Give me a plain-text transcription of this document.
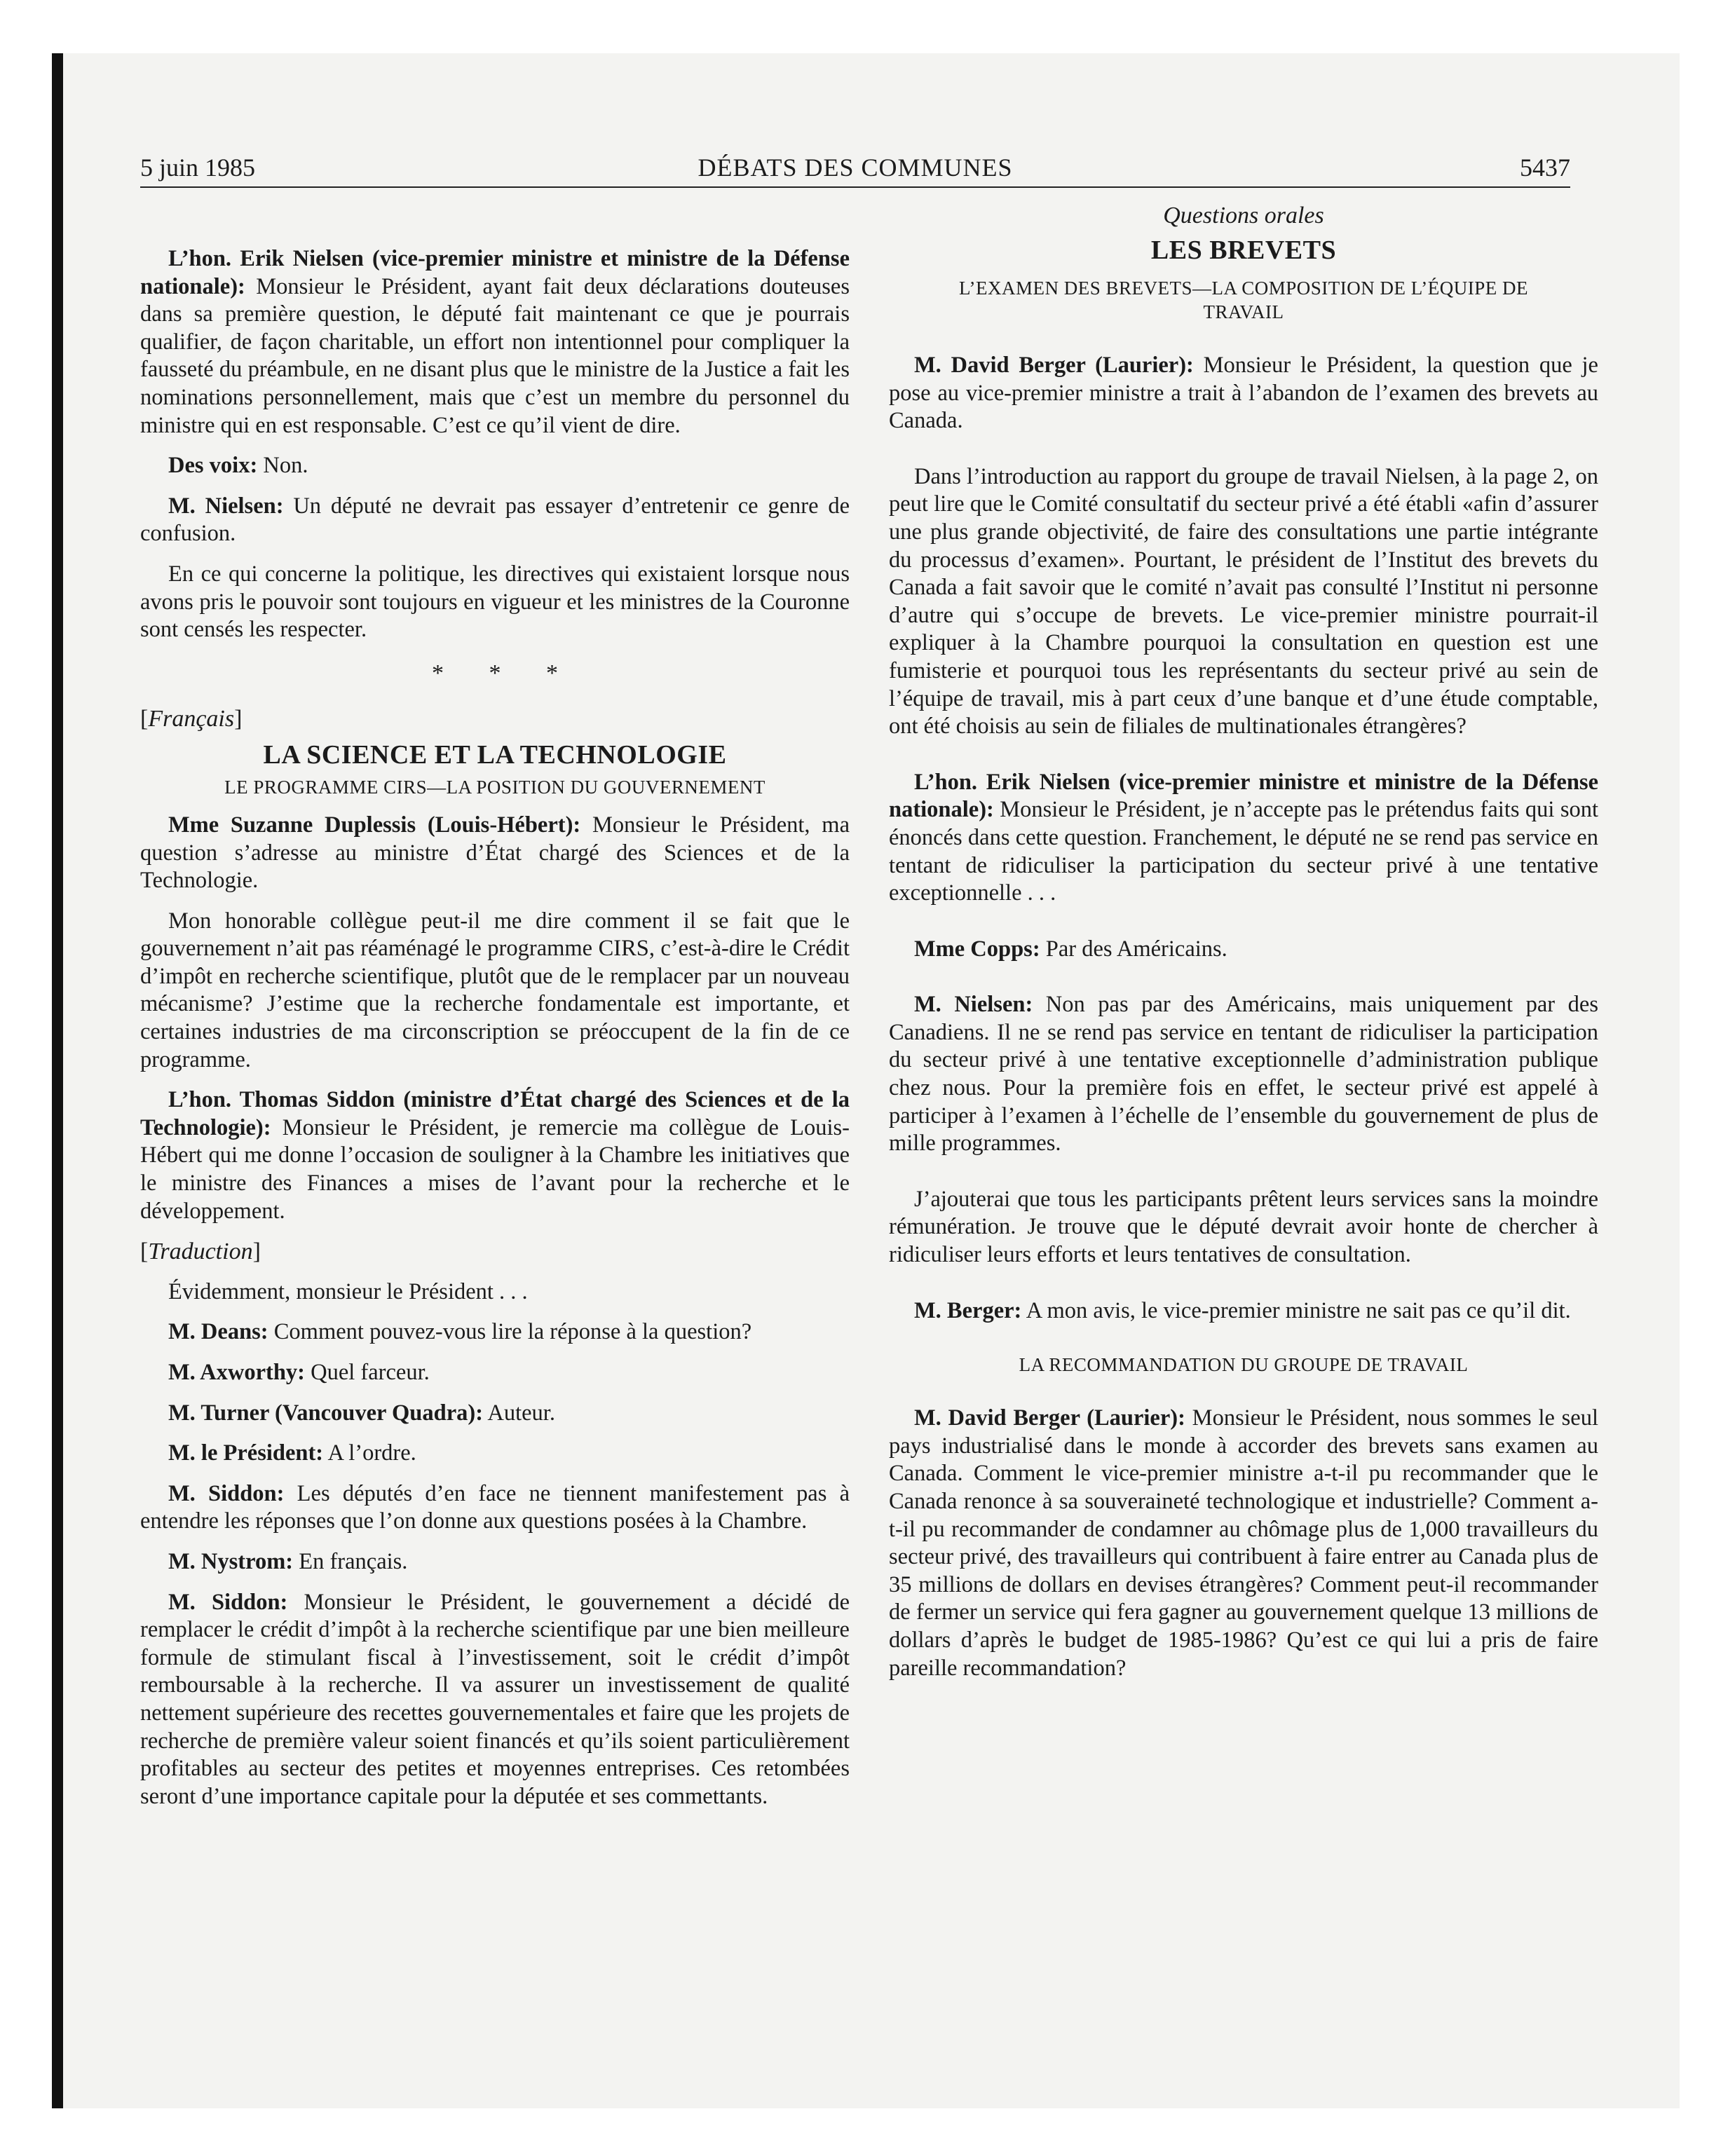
5 juin 1985	DÉBATS DES COMMUNES	5437

L’hon. Erik Nielsen (vice-premier ministre et ministre de la Défense nationale): Monsieur le Président, ayant fait deux déclarations douteuses dans sa première question, le député fait maintenant ce que je pourrais qualifier, de façon charitable, un effort non intentionnel pour compliquer la fausseté du préambule, en ne disant plus que le ministre de la Justice a fait les nominations personnellement, mais que c’est un membre du personnel du ministre qui en est responsable. C’est ce qu’il vient de dire.

Des voix: Non.

M. Nielsen: Un député ne devrait pas essayer d’entretenir ce genre de confusion.

En ce qui concerne la politique, les directives qui existaient lorsque nous avons pris le pouvoir sont toujours en vigueur et les ministres de la Couronne sont censés les respecter.

* * *
[Français]
LA SCIENCE ET LA TECHNOLOGIE
LE PROGRAMME CIRS—LA POSITION DU GOUVERNEMENT

Mme Suzanne Duplessis (Louis-Hébert): Monsieur le Président, ma question s’adresse au ministre d’État chargé des Sciences et de la Technologie.

Mon honorable collègue peut-il me dire comment il se fait que le gouvernement n’ait pas réaménagé le programme CIRS, c’est-à-dire le Crédit d’impôt en recherche scientifique, plutôt que de le remplacer par un nouveau mécanisme? J’estime que la recherche fondamentale est importante, et certaines industries de ma circonscription se préoccupent de la fin de ce programme.

L’hon. Thomas Siddon (ministre d’État chargé des Sciences et de la Technologie): Monsieur le Président, je remercie ma collègue de Louis-Hébert qui me donne l’occasion de souligner à la Chambre les initiatives que le ministre des Finances a mises de l’avant pour la recherche et le développement.

[Traduction]

Évidemment, monsieur le Président . . .

M. Deans: Comment pouvez-vous lire la réponse à la question?

M. Axworthy: Quel farceur.

M. Turner (Vancouver Quadra): Auteur.

M. le Président: A l’ordre.

M. Siddon: Les députés d’en face ne tiennent manifestement pas à entendre les réponses que l’on donne aux questions posées à la Chambre.

M. Nystrom: En français.

M. Siddon: Monsieur le Président, le gouvernement a décidé de remplacer le crédit d’impôt à la recherche scientifique par une bien meilleure formule de stimulant fiscal à l’investissement, soit le crédit d’impôt remboursable à la recherche. Il va assurer un investissement de qualité nettement supérieure des recettes gouvernementales et faire que les projets de recherche de première valeur soient financés et qu’ils soient particulièrement profitables au secteur des petites et moyennes entreprises. Ces retombées seront d’une importance capitale pour la députée et ses commettants.

Questions orales
LES BREVETS
L’EXAMEN DES BREVETS—LA COMPOSITION DE L’ÉQUIPE DE TRAVAIL

M. David Berger (Laurier): Monsieur le Président, la question que je pose au vice-premier ministre a trait à l’abandon de l’examen des brevets au Canada.

Dans l’introduction au rapport du groupe de travail Nielsen, à la page 2, on peut lire que le Comité consultatif du secteur privé a été établi «afin d’assurer une plus grande objectivité, de faire des consultations une partie intégrante du processus d’examen». Pourtant, le président de l’Institut des brevets du Canada a fait savoir que le comité n’avait pas consulté l’Institut ni personne d’autre qui s’occupe de brevets. Le vice-premier ministre pourrait-il expliquer à la Chambre pourquoi la consultation en question est une fumisterie et pourquoi tous les représentants du secteur privé au sein de l’équipe de travail, mis à part ceux d’une banque et d’une étude comptable, ont été choisis au sein de filiales de multinationales étrangères?

L’hon. Erik Nielsen (vice-premier ministre et ministre de la Défense nationale): Monsieur le Président, je n’accepte pas le prétendus faits qui sont énoncés dans cette question. Franchement, le député ne se rend pas service en tentant de ridiculiser la participation du secteur privé à une tentative exceptionnelle . . .

Mme Copps: Par des Américains.

M. Nielsen: Non pas par des Américains, mais uniquement par des Canadiens. Il ne se rend pas service en tentant de ridiculiser la participation du secteur privé à une tentative exceptionnelle d’administration publique chez nous. Pour la première fois en effet, le secteur privé est appelé à participer à l’examen à l’échelle de l’ensemble du gouvernement de plus de mille programmes.

J’ajouterai que tous les participants prêtent leurs services sans la moindre rémunération. Je trouve que le député devrait avoir honte de chercher à ridiculiser leurs efforts et leurs tentatives de consultation.

M. Berger: A mon avis, le vice-premier ministre ne sait pas ce qu’il dit.

LA RECOMMANDATION DU GROUPE DE TRAVAIL

M. David Berger (Laurier): Monsieur le Président, nous sommes le seul pays industrialisé dans le monde à accorder des brevets sans examen au Canada. Comment le vice-premier ministre a-t-il pu recommander que le Canada renonce à sa souveraineté technologique et industrielle? Comment a-t-il pu recommander de condamner au chômage plus de 1,000 travailleurs du secteur privé, des travailleurs qui contribuent à faire entrer au Canada plus de 35 millions de dollars en devises étrangères? Comment peut-il recommander de fermer un service qui fera gagner au gouvernement quelque 13 millions de dollars d’après le budget de 1985-1986? Qu’est ce qui lui a pris de faire pareille recommandation?
